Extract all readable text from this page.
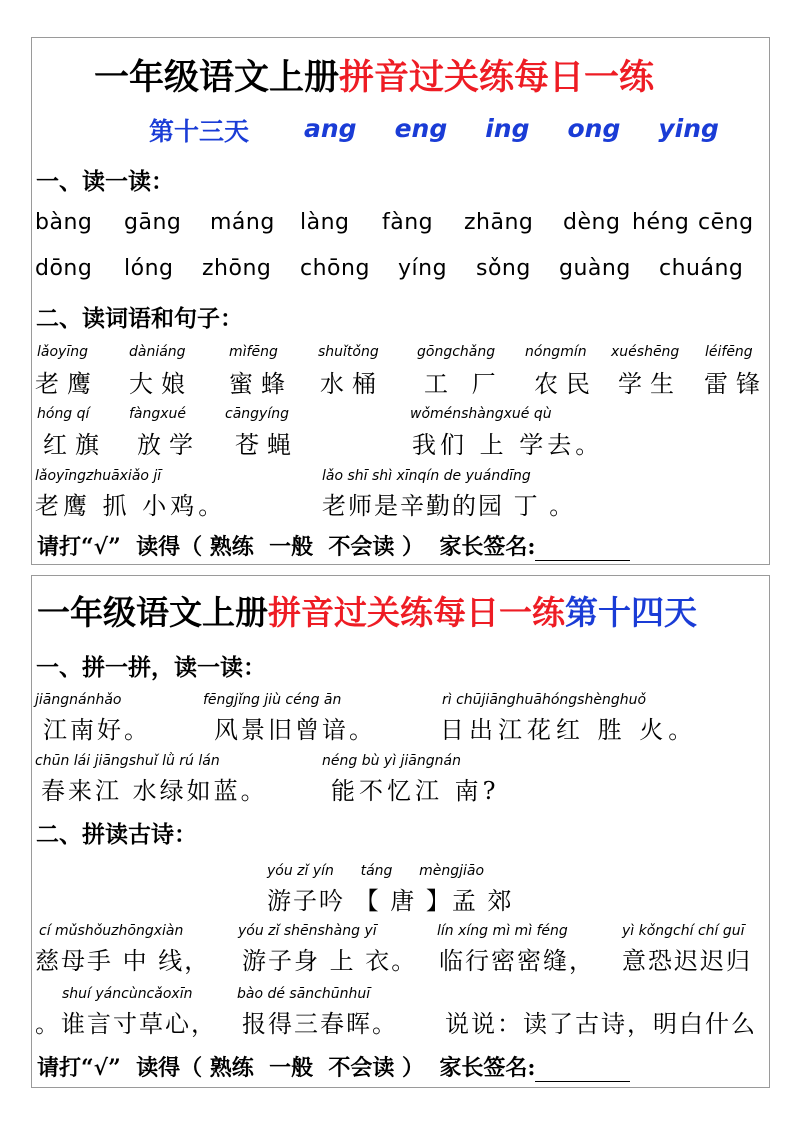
一年级语文上册拼音过关练每日一练
第十三天 ang eng ing ong ying
一、读一读：
bàng gāng máng làng fàng zhāng dèng héng cēng
dōng lóng zhōng chōng yíng sǒng guàng chuáng
二、读词语和句子：
lǎoyīng
老鹰
dàniáng
大娘
mìfēng
蜜蜂
shuǐtǒng
水桶
gōngchǎng
工 厂
nóngmín
农民
xuéshēng
学生
léifēng
雷锋
hóng qí
红旗
fàngxué
放学
cāngyíng
苍蝇
wǒménshàngxué qù
我们 上 学去。
lǎoyīngzhuāxiǎo jī
老鹰 抓 小鸡。
lǎo shī shì xīnqín de yuándīng
老师是辛勤的园 丁 。
请打“√”  读得（ 熟练  一般  不会读 ）  家长签名:
一年级语文上册拼音过关练每日一练第十四天
一、拼一拼，读一读：
jiāngnánhǎo
江南好。
fēngjǐng jiù céng ān
风景旧曾谙。
rì chūjiānghuāhóngshènghuǒ
日出江花红 胜 火。
chūn lái jiāngshuǐ lǜ rú lán
春来江 水绿如蓝。
néng bù yì jiāngnán
能不忆江 南?
二、拼读古诗：
yóu zǐ yín      táng      mèngjiāo
游子吟 【 唐 】孟 郊
cí mǔshǒuzhōngxiàn
慈母手 中 线，
yóu zǐ shēnshàng yī
游子身 上 衣。
lín xíng mì mì féng
临行密密缝，
yì kǒngchí chí guī
意恐迟迟归
shuí yáncùncǎoxīn
。谁言寸草心，
bào dé sānchūnhuī
报得三春晖。 说说：读了古诗，明白什么
请打“√”  读得（ 熟练  一般  不会读 ）  家长签名:
